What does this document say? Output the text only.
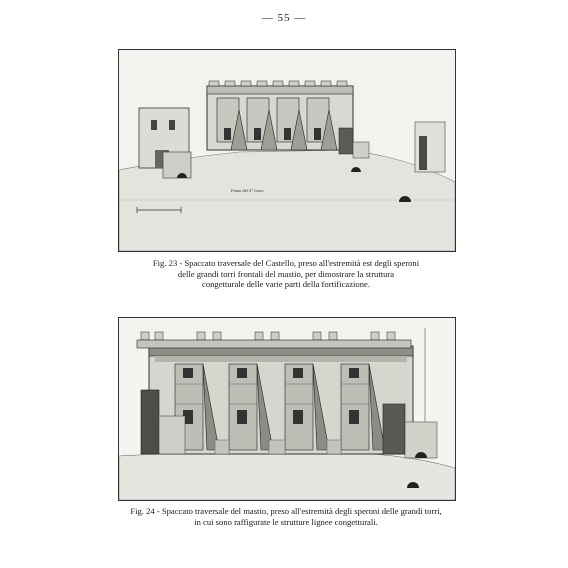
— 55 —
Piano del 2° fosso
Fig. 23 - Spaccato traversale del Castello, preso all'estremità est degli speroni
delle grandi torri frontali del mastio, per dimostrare la struttura
congetturale delle varie parti della fortificazione.
Fig. 24 - Spaccato traversale del mastio, preso all'estremità degli speroni delle grandi torri,
in cui sono raffigurate le strutture lignee congetturali.
